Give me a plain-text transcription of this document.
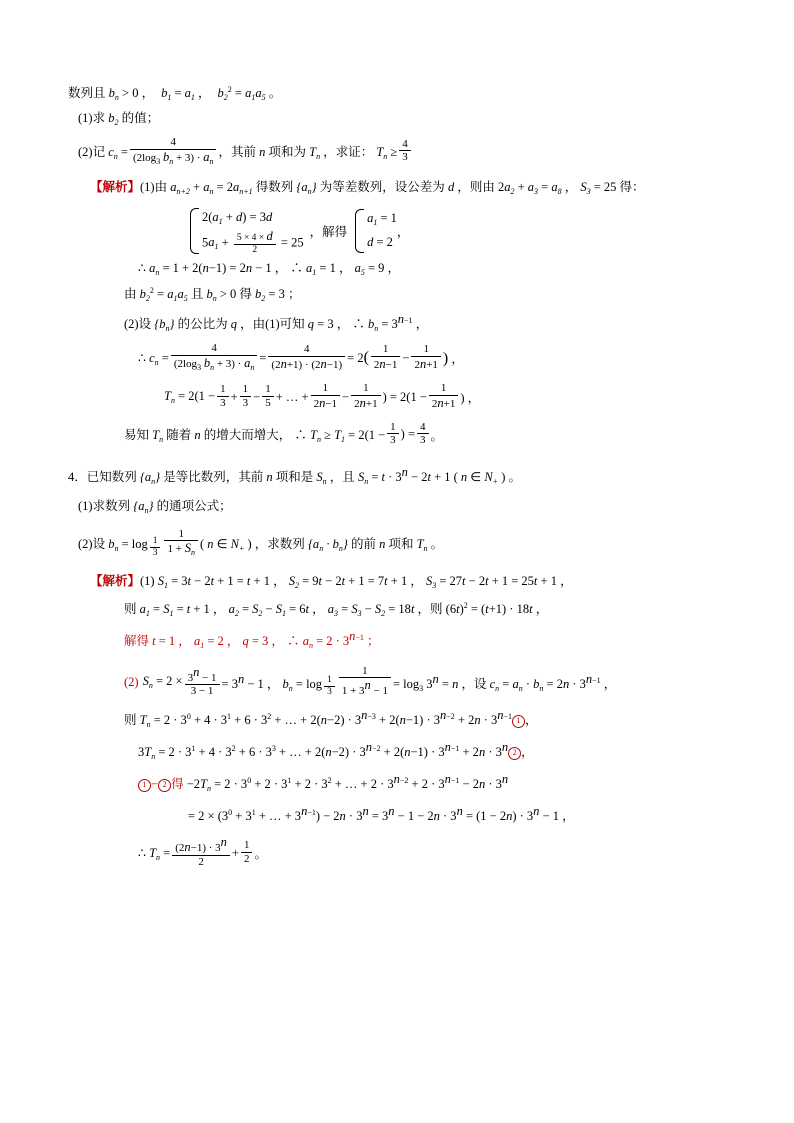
数列且 $b_n > 0$ ， $b_1 = a_1$ ， $b_2^2 = a_1a_5$ 。
(1)求 $b_2$ 的值；
(2)记 $c_n = \frac{4}{(2\log_3 b_n + 3) \cdot a_n}$ ，其前 n 项和为 $T_n$ ，求证： $T_n \ge \frac{4}{3}$
【解析】(1)由 $a_{n+2} + a_n = 2a_{n+1}$ 得数列 $\{a_n\}$ 为等差数列，设公差为 d ，则由 $2a_2 + a_3 = a_8$ ， $S_3 = 25$ 得：
$2(a_1 + d) = 3d$
$5a_1 + \frac{5 \times 4 \times d}{2} = 25$
，解得
$a_1 = 1$
d = 2
，
∴ $a_n = 1 + 2(n-1) = 2n - 1$ ， ∴ $a_1 = 1$ ， $a_5 = 9$ ，
由 $b_2^2 = a_1a_5$ 且 $b_n > 0$ 得 $b_2 = 3$ ；
(2)设 $\{b_n\}$ 的公比为 q ，由(1)可知 q = 3 ， ∴ $b_n = 3^{n-1}$ ，
∴ $c_n = \frac{4}{(2\log_3 b_n + 3) \cdot a_n} = \frac{4}{(2n+1) \cdot (2n-1)} = 2( \frac{1}{2n-1} - \frac{1}{2n+1}$ ) ，
$T_n = 2(1 - \frac{1}{3} + \frac{1}{3} - \frac{1}{5}$ + … + $\frac{1}{2n-1} - \frac{1}{2n+1}$ ) = $2(1 - \frac{1}{2n+1}$ ) ，
易知 $T_n$ 随着 n 的增大而增大， ∴ $T_n \ge T_1 = 2(1 - \frac{1}{3}$ ) = $\frac{4}{3}$ 。
4．已知数列 $\{a_n\}$ 是等比数列，其前 n 项和是 $S_n$ ，且 $S_n = t \cdot 3^n - 2t + 1$ ( n ∈ $N_+$ ) 。
(1)求数列 $\{a_n\}$ 的通项公式；
(2)设 $b_n = \log \frac{1}{3} \frac{1}{1 + S_n}$ ( n ∈ $N_+$ ) ，求数列 $\{a_n \cdot b_n\}$ 的前 n 项和 $T_n$ 。
【解析】(1) $S_1 = 3t - 2t + 1 = t + 1$ ， $S_2 = 9t - 2t + 1 = 7t + 1$ ， $S_3 = 27t - 2t + 1 = 25t + 1$ ，
则 $a_1 = S_1 = t + 1$ ， $a_2 = S_2 - S_1 = 6t$ ， $a_3 = S_3 - S_2 = 18t$ ，则 $(6t)^2 = (t+1) \cdot 18t$ ，
解得 t = 1 ， $a_1 = 2$ ， q = 3 ， ∴ $a_n = 2 \cdot 3^{n-1}$ ；
(2) $S_n = 2 \times \frac{3^n - 1}{3 - 1} = 3^n - 1$ ， $b_n = \log \frac{1}{3} \frac{1}{1 + 3^n - 1} = \log_3 3^n = n$ ，设 $c_n = a_n \cdot b_n = 2n \cdot 3^{n-1}$ ，
则 $T_n = 2 \cdot 3^0 + 4 \cdot 3^1 + 6 \cdot 3^2$ + … + $2(n-2) \cdot 3^{n-3} + 2(n-1) \cdot 3^{n-2} + 2n \cdot 3^{n-1}$ 1 ，
$3T_n = 2 \cdot 3^1 + 4 \cdot 3^2 + 6 \cdot 3^3$ + … + $2(n-2) \cdot 3^{n-2} + 2(n-1) \cdot 3^{n-1} + 2n \cdot 3^n$ 2 ，
1 − 2 得 $-2T_n = 2 \cdot 3^0 + 2 \cdot 3^1 + 2 \cdot 3^2$ + … + $2 \cdot 3^{n-2} + 2 \cdot 3^{n-1} - 2n \cdot 3^n$
= $2 \times (3^0 + 3^1$ + … + $3^{n-1}) - 2n \cdot 3^n = 3^n - 1 - 2n \cdot 3^n = (1 - 2n) \cdot 3^n - 1$ ，
∴ $T_n = \frac{(2n-1) \cdot 3^n}{2} + \frac{1}{2}$ 。
